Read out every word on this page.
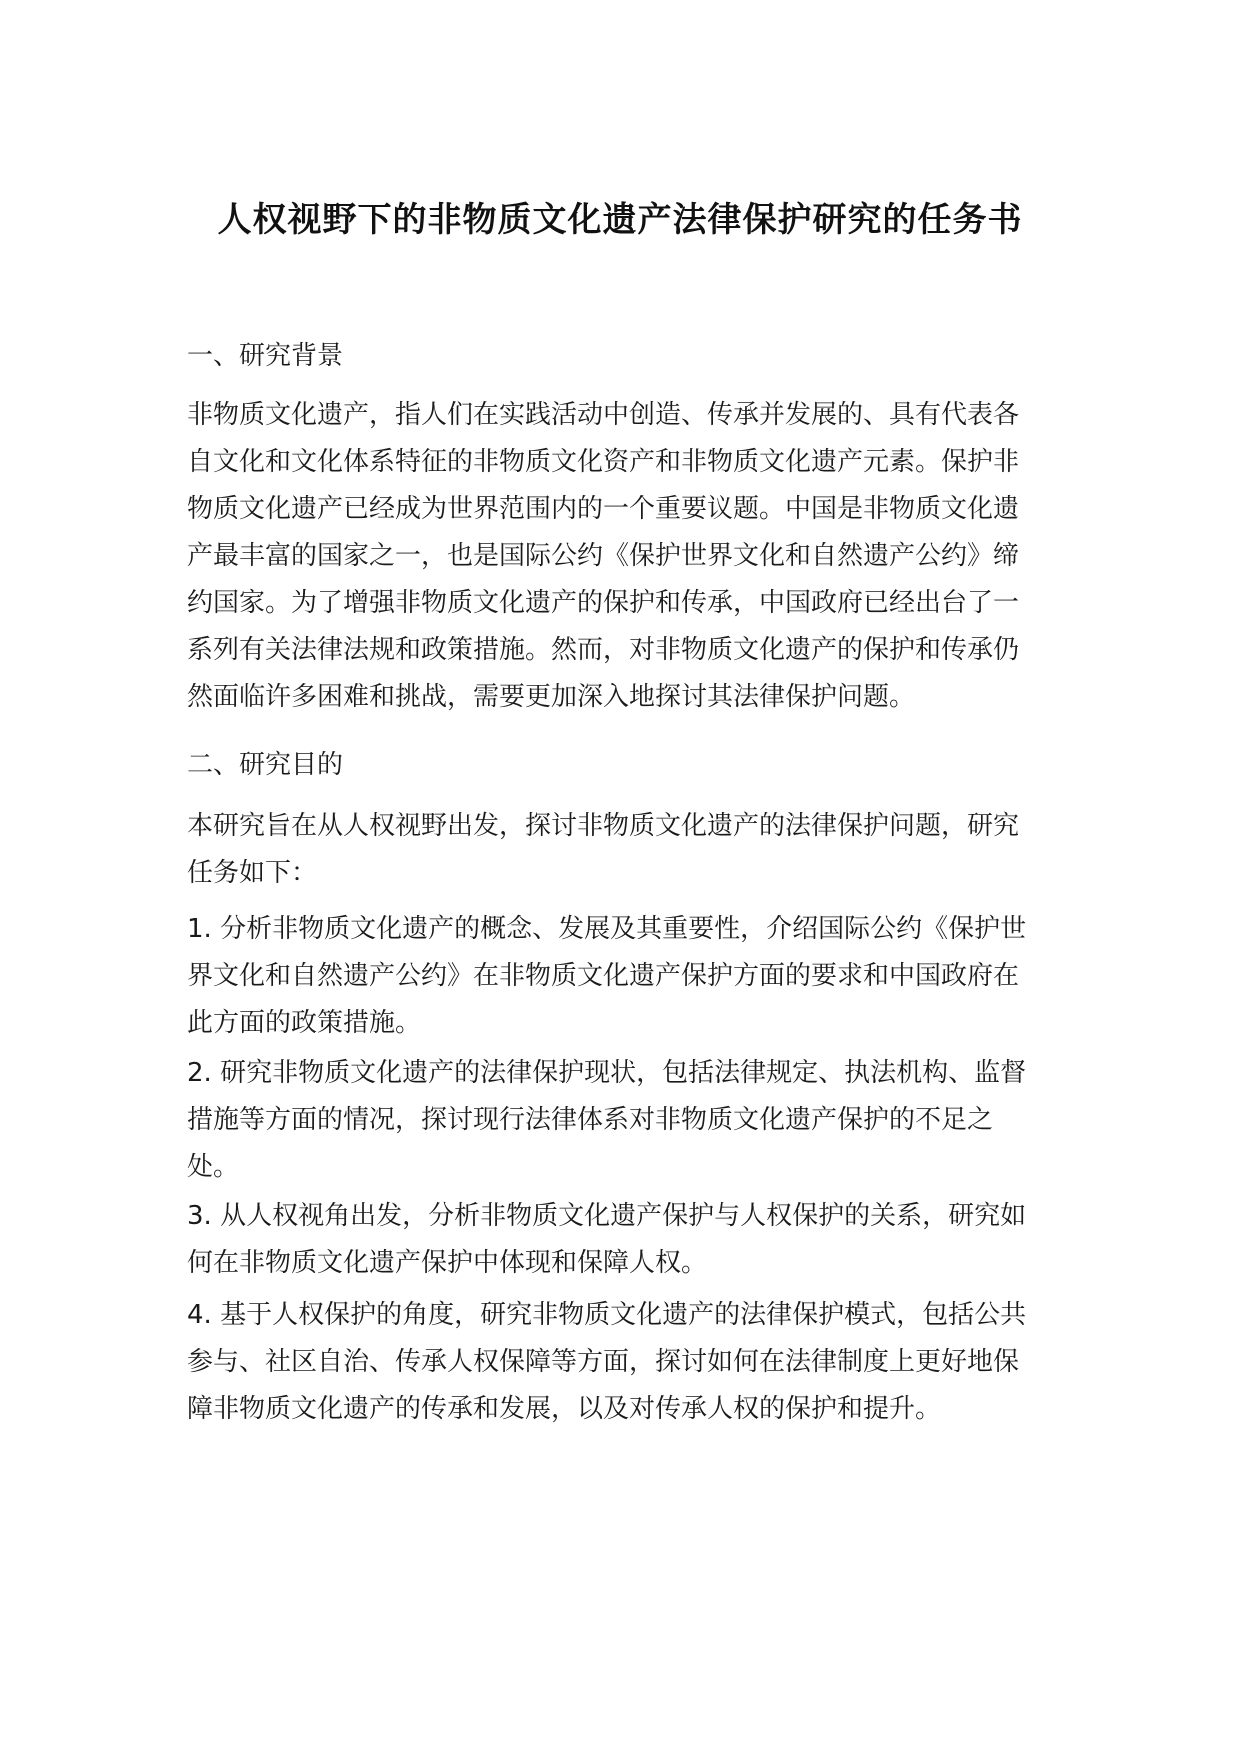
人权视野下的非物质文化遗产法律保护研究的任务书

一、研究背景

非物质文化遗产，指人们在实践活动中创造、传承并发展的、具有代表各自文化和文化体系特征的非物质文化资产和非物质文化遗产元素。保护非物质文化遗产已经成为世界范围内的一个重要议题。中国是非物质文化遗产最丰富的国家之一，也是国际公约《保护世界文化和自然遗产公约》缔约国家。为了增强非物质文化遗产的保护和传承，中国政府已经出台了一系列有关法律法规和政策措施。然而，对非物质文化遗产的保护和传承仍然面临许多困难和挑战，需要更加深入地探讨其法律保护问题。

二、研究目的

本研究旨在从人权视野出发，探讨非物质文化遗产的法律保护问题，研究任务如下：

1. 分析非物质文化遗产的概念、发展及其重要性，介绍国际公约《保护世界文化和自然遗产公约》在非物质文化遗产保护方面的要求和中国政府在此方面的政策措施。

2. 研究非物质文化遗产的法律保护现状，包括法律规定、执法机构、监督措施等方面的情况，探讨现行法律体系对非物质文化遗产保护的不足之处。

3. 从人权视角出发，分析非物质文化遗产保护与人权保护的关系，研究如何在非物质文化遗产保护中体现和保障人权。

4. 基于人权保护的角度，研究非物质文化遗产的法律保护模式，包括公共参与、社区自治、传承人权保障等方面，探讨如何在法律制度上更好地保障非物质文化遗产的传承和发展，以及对传承人权的保护和提升。
